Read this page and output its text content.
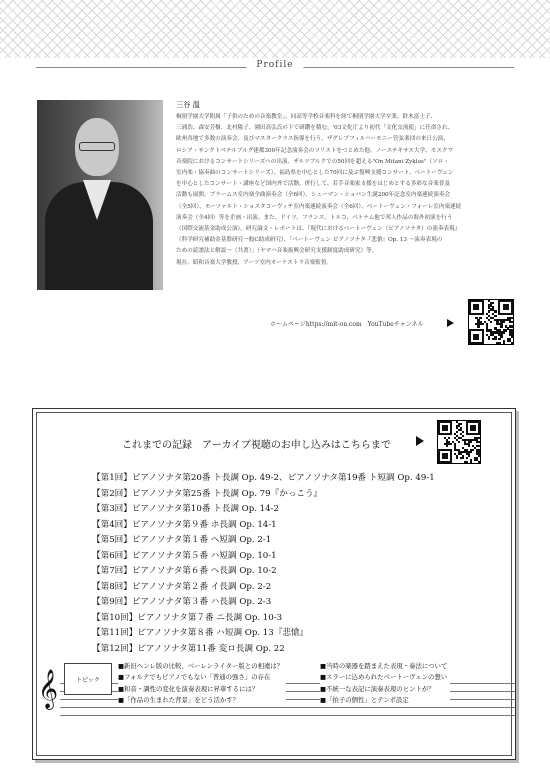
Profile
三谷 温
桐朋学園大学附属「子供のための音楽教室」、同高等学校音楽科を経て桐朋学園大学卒業。鈴木富士子、
三浦浩、森安芳樹、北村陽子、園田高弘氏の下で研鑽を積む。'03文化庁より初代「文化交流使」に任命され、
欧州各地で多数の演奏会、及びマスタークラス指導を行う。ザグレブフィルハーモニー管弦楽団の来日公演、
ロシア・サンクトペテルブルグ建都300年記念演奏会のソリストをつとめた他、ノーステキサス大学、モスクワ
音楽院におけるコンサートシリーズへの出演、ザルツブルクでの50回を超える"On Mitani Zyklus"（ソロ・
室内楽・協奏曲のコンサートシリーズ）、福島県を中心とした70回に及ぶ復興支援コンサート、ベートーヴェン
を中心としたコンサート・講座など国内外で活動。併行して、若手音楽家支援をはじめとする多彩な音楽普及
活動も展開。ブラームス室内楽全曲演奏会（全6回）、シューマン・ショパン生誕200年記念室内楽連続演奏会
（全5回）、モーツァルト・ショスタコーヴィチ室内楽連続演奏会（全6回）、ベートーヴェン・フォーレ室内楽連続
演奏会（全4回）等を企画・出演。また、ドイツ、フランス、トルコ、ベトナム他で邦人作品の海外初演を行う
（国際交流基金助成公演）。研究論文・レポートは、『現代におけるベートーヴェン（ピアノソナタ）の演奏表現』
（科学研究補助金基盤研究一般C助成研究）、「ベートーヴェン ピアノソナタ『悲愴』Op. 13 ～演奏表現の
ための読譜法と解説～（共著）」（ヤマハ音楽振興会研究支援制度助成研究）等。
現在、昭和音楽大学教授、アーツ室内オーケストラ音楽監督。
ホームページhttps://mit-on.com　YouTubeチャンネル
これまでの記録　アーカイブ視聴のお申し込みはこちらまで
【第1回】ピアノソナタ第20番 ト長調 Op. 49-2、ピアノソナタ第19番 ト短調 Op. 49-1
【第2回】ピアノソナタ第25番 ト長調 Op. 79『かっこう』
【第3回】ピアノソナタ第10番 ト長調 Op. 14-2
【第4回】ピアノソナタ第９番 ホ長調 Op. 14-1
【第5回】ピアノソナタ第１番 ヘ短調 Op. 2-1
【第6回】ピアノソナタ第５番 ハ短調 Op. 10-1
【第7回】ピアノソナタ第６番 ヘ長調 Op. 10-2
【第8回】ピアノソナタ第２番 イ長調 Op. 2-2
【第9回】ピアノソナタ第３番 ハ長調 Op. 2-3
【第10回】ピアノソナタ第７番 ニ長調 Op. 10-3
【第11回】ピアノソナタ第８番 ハ短調 Op. 13『悲愴』
【第12回】ピアノソナタ第11番 変ロ長調 Op. 22
𝄞	トピック
■新旧ヘンレ版の比較、ベーレンライター版との相違は？
■フォルテでもピアノでもない「普通の強さ」の存在
■和音・調性の変化を演奏表現に昇華するには？
■「作品の生まれた背景」をどう活かす？
■当時の楽器を踏まえた表現・奏法について
■スラーに込められたベートーヴェンの想い
■不統一な表記に演奏表現のヒントが？
■「拍子の個性」とテンポ設定
